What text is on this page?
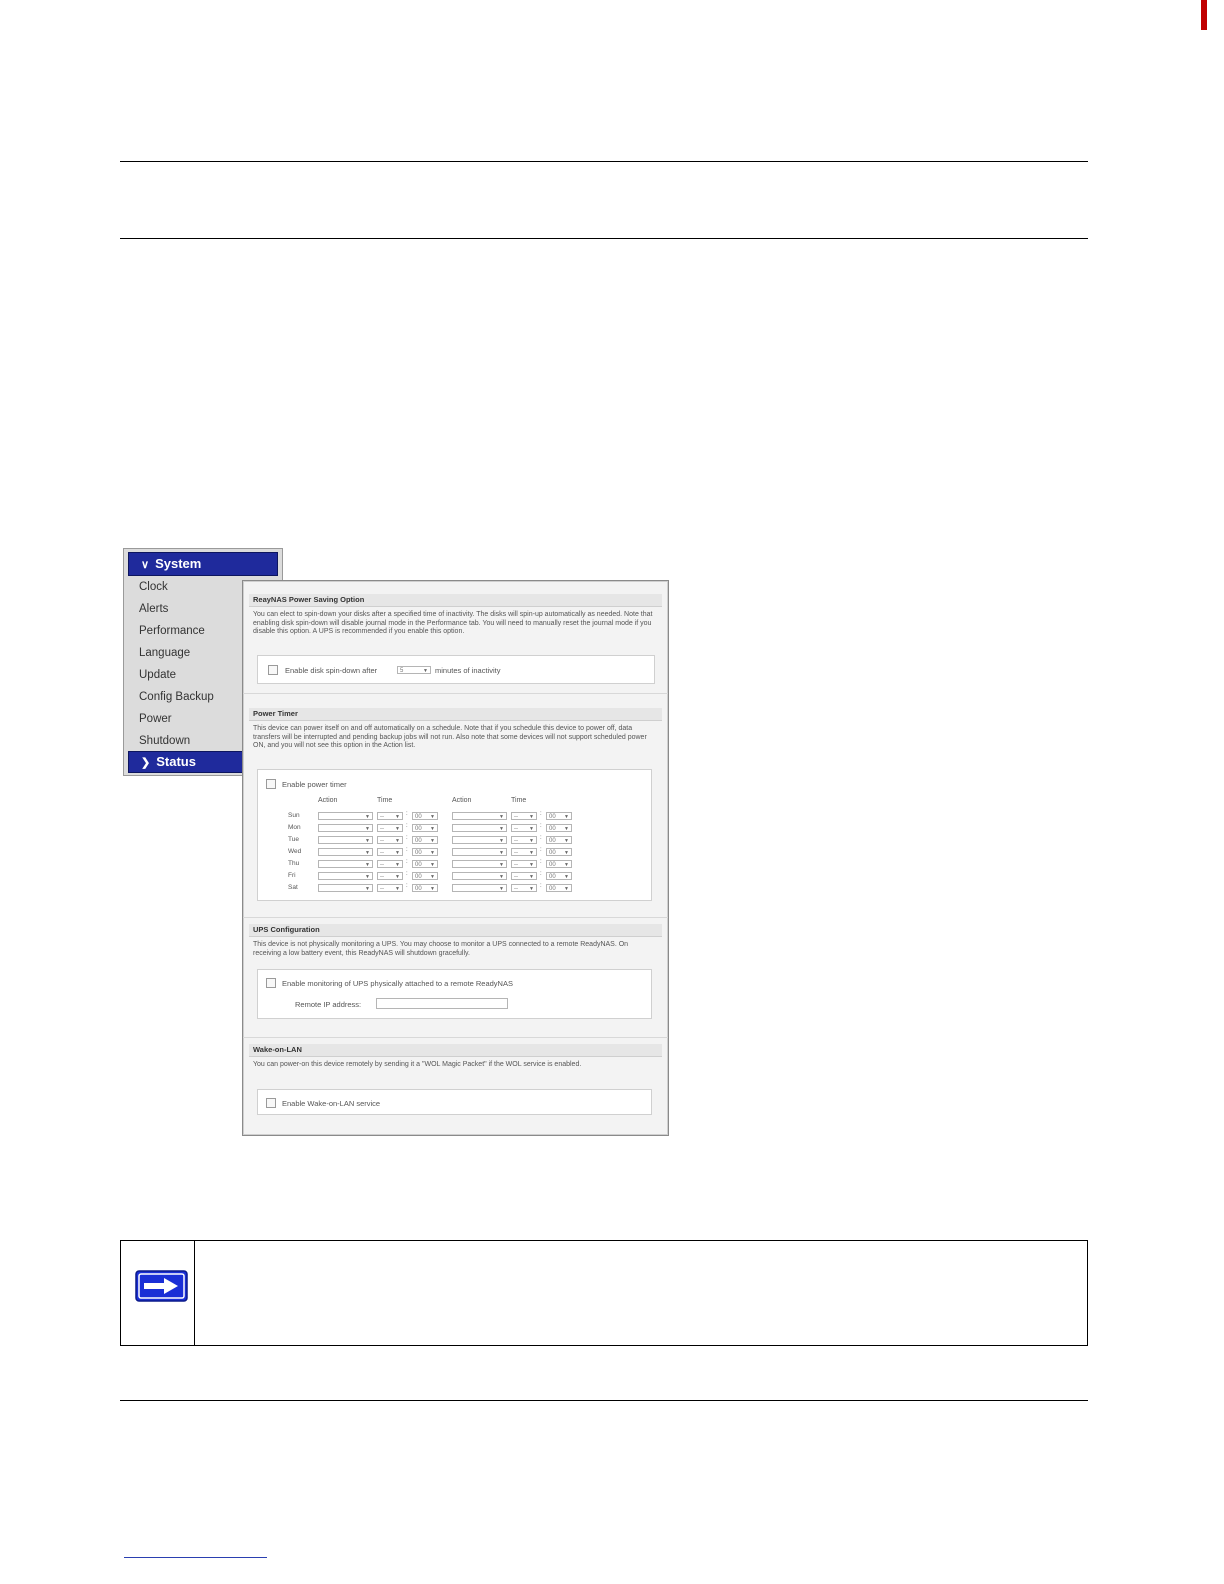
∨ System
Clock
Alerts
Performance
Language
Update
Config Backup
Power
Shutdown
❯ Status
ReayNAS Power Saving Option
You can elect to spin-down your disks after a specified time of inactivity. The disks will spin-up automatically as needed. Note that enabling disk spin-down will disable journal mode in the Performance tab. You will need to manually reset the journal mode if you disable this option. A UPS is recommended if you enable this option.
Enable disk spin-down after	5	▼ minutes of inactivity
Power Timer
This device can power itself on and off automatically on a schedule. Note that if you schedule this device to power off, data transfers will be interrupted and pending backup jobs will not run. Also note that some devices will not support scheduled power ON, and you will not see this option in the Action list.
Enable power timer
Action	Time	Action	Time
Sun	▼	-- ▼ :	00 ▼	▼	-- ▼ :	00 ▼
Mon	▼	-- ▼ :	00 ▼	▼	-- ▼ :	00 ▼
Tue	▼	-- ▼ :	00 ▼	▼	-- ▼ :	00 ▼
Wed	▼	-- ▼ :	00 ▼	▼	-- ▼ :	00 ▼
Thu	▼	-- ▼ :	00 ▼	▼	-- ▼ :	00 ▼
Fri	▼	-- ▼ :	00 ▼	▼	-- ▼ :	00 ▼
Sat	▼	-- ▼ :	00 ▼	▼	-- ▼ :	00 ▼
UPS Configuration
This device is not physically monitoring a UPS. You may choose to monitor a UPS connected to a remote ReadyNAS. On receiving a low battery event, this ReadyNAS will shutdown gracefully.
Enable monitoring of UPS physically attached to a remote ReadyNAS
Remote IP address:
Wake-on-LAN
You can power-on this device remotely by sending it a "WOL Magic Packet" if the WOL service is enabled.
Enable Wake-on-LAN service
